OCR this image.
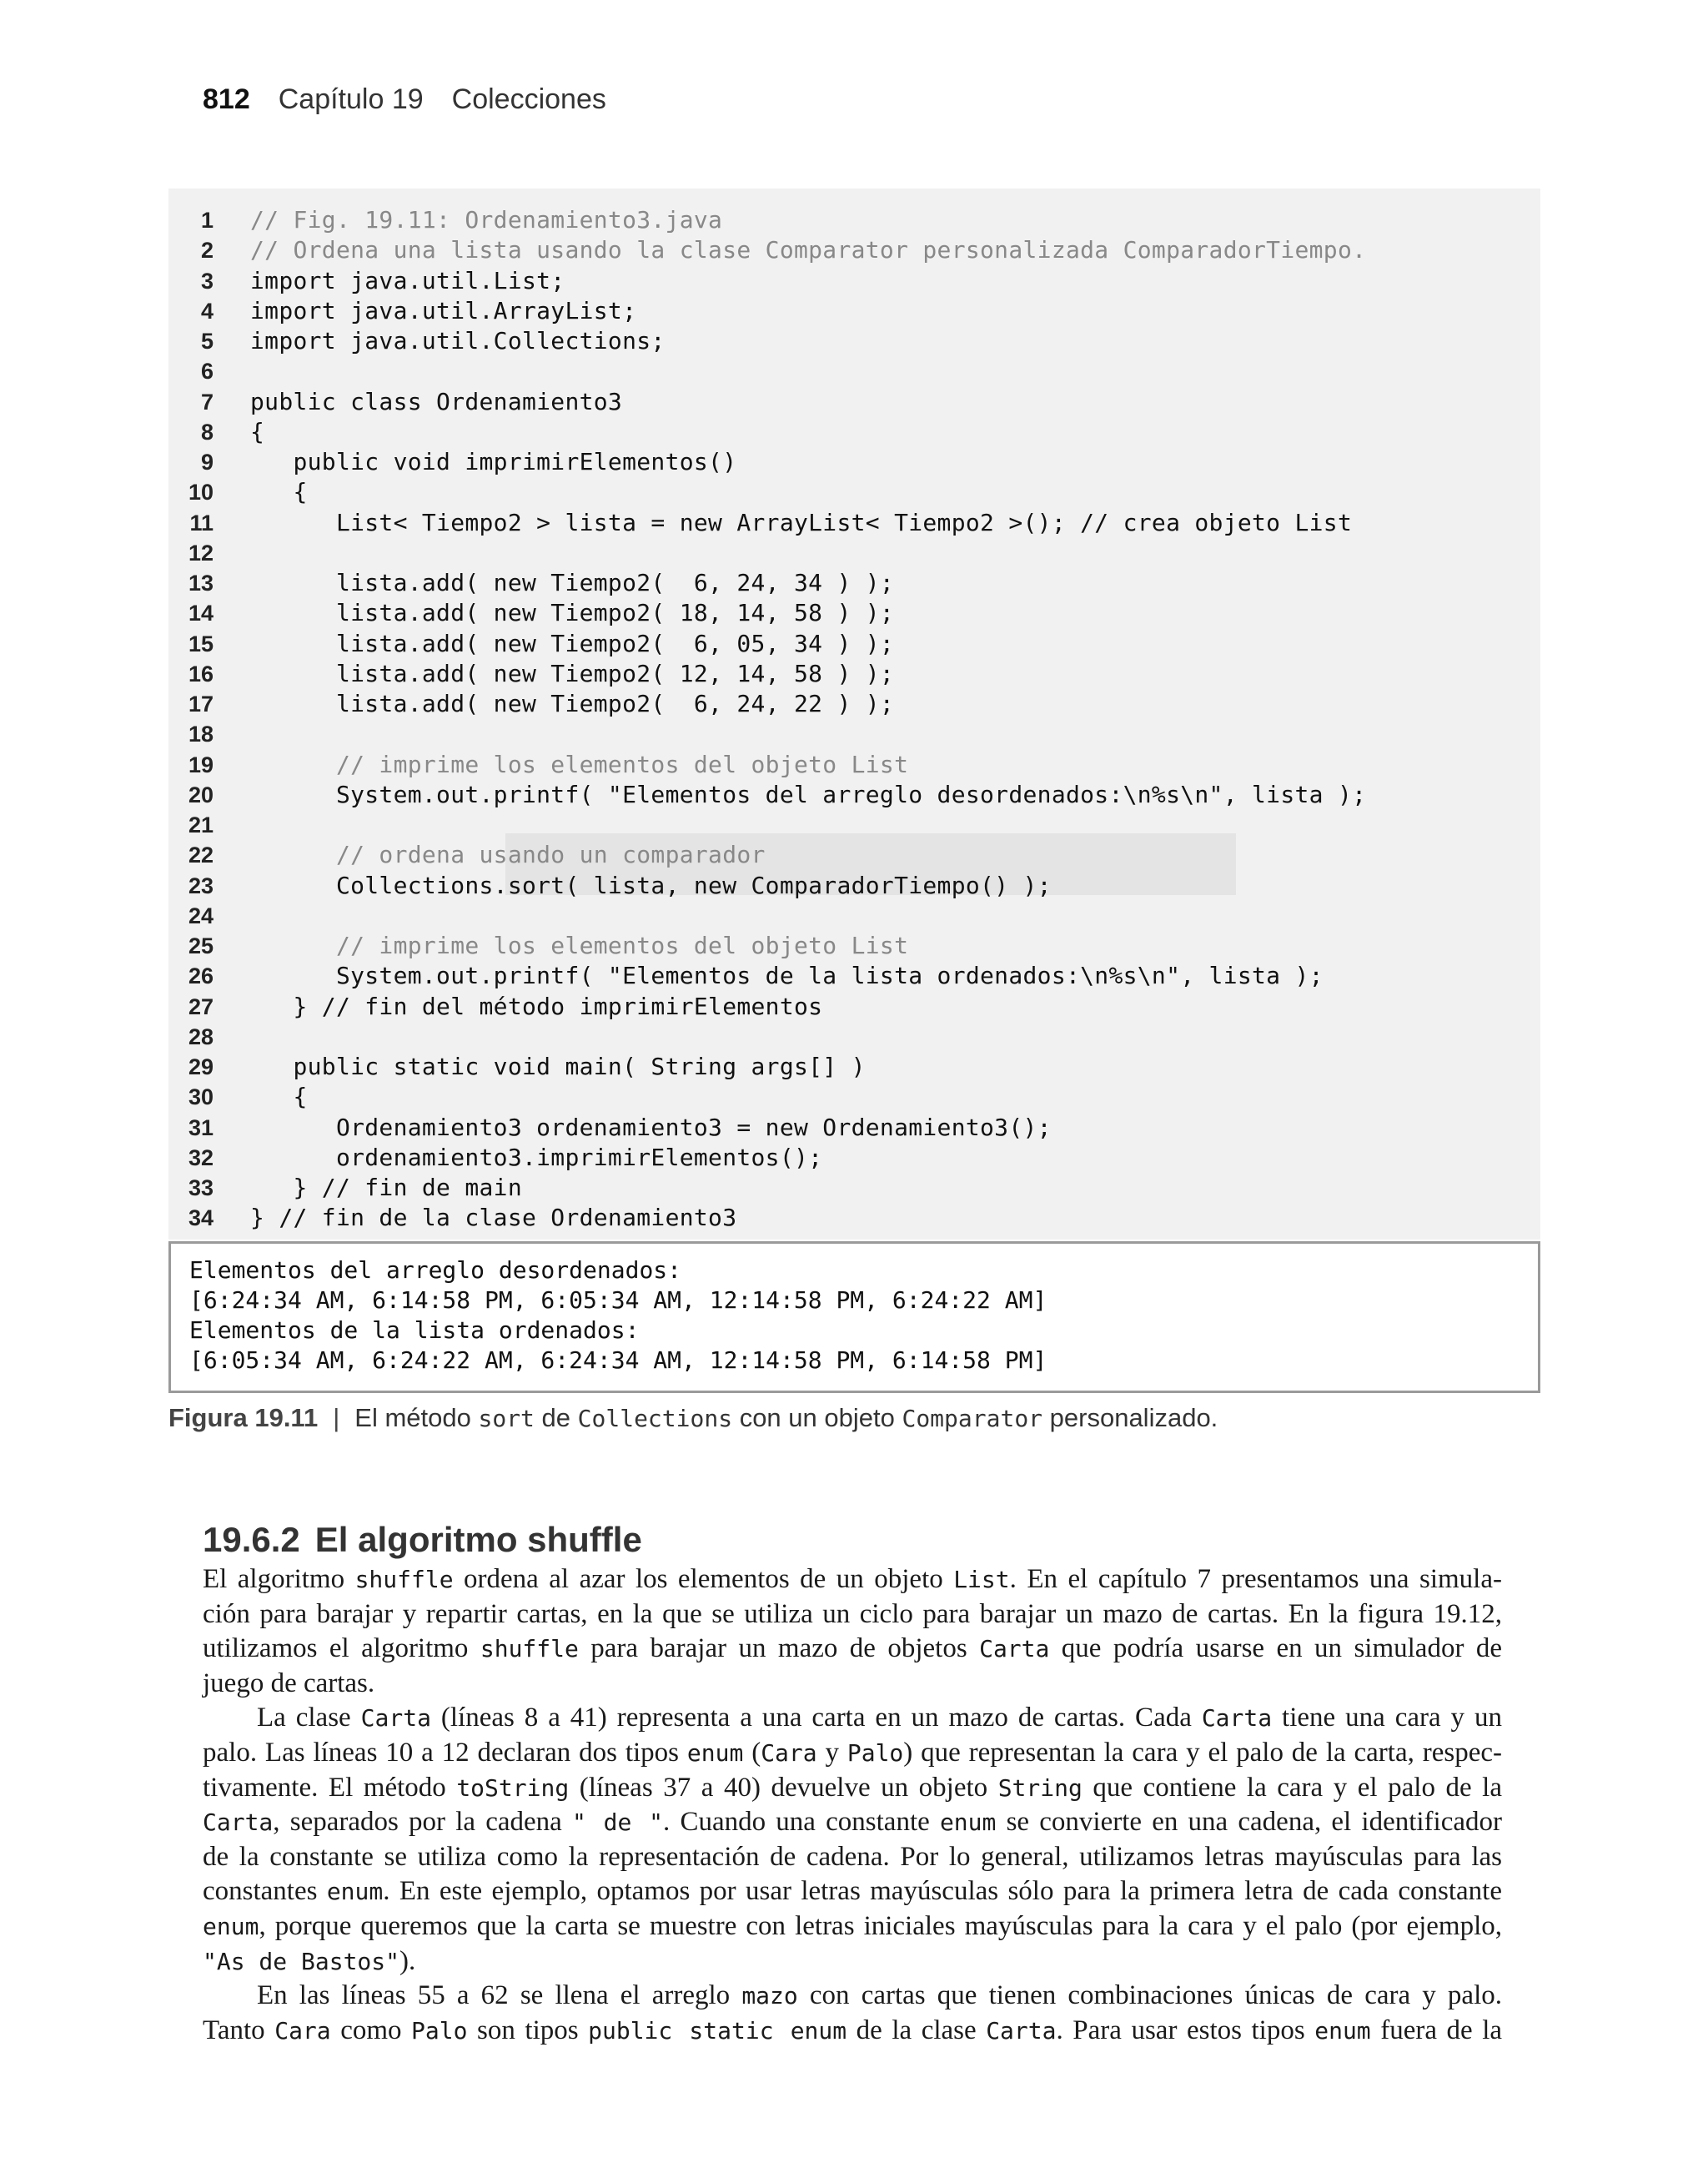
812 Capítulo 19 Colecciones
1 // Fig. 19.11: Ordenamiento3.java
2 // Ordena una lista usando la clase Comparator personalizada ComparadorTiempo.
3 import java.util.List;
4 import java.util.ArrayList;
5 import java.util.Collections;
6
7 public class Ordenamiento3
8 {
9 public void imprimirElementos()
10 {
11 List< Tiempo2 > lista = new ArrayList< Tiempo2 >(); // crea objeto List
12
13 lista.add( new Tiempo2(  6, 24, 34 ) );
14 lista.add( new Tiempo2( 18, 14, 58 ) );
15 lista.add( new Tiempo2(  6, 05, 34 ) );
16 lista.add( new Tiempo2( 12, 14, 58 ) );
17 lista.add( new Tiempo2(  6, 24, 22 ) );
18
19 // imprime los elementos del objeto List
20 System.out.printf( "Elementos del arreglo desordenados:\n%s\n", lista );
21
22 // ordena usando un comparador
23 Collections.sort( lista, new ComparadorTiempo() );
24
25 // imprime los elementos del objeto List
26 System.out.printf( "Elementos de la lista ordenados:\n%s\n", lista );
27 } // fin del método imprimirElementos
28
29 public static void main( String args[] )
30 {
31 Ordenamiento3 ordenamiento3 = new Ordenamiento3();
32 ordenamiento3.imprimirElementos();
33 } // fin de main
34 } // fin de la clase Ordenamiento3
Elementos del arreglo desordenados:
[6:24:34 AM, 6:14:58 PM, 6:05:34 AM, 12:14:58 PM, 6:24:22 AM]
Elementos de la lista ordenados:
[6:05:34 AM, 6:24:22 AM, 6:24:34 AM, 12:14:58 PM, 6:14:58 PM]
Figura 19.11 | El método sort de Collections con un objeto Comparator personalizado.
19.6.2 El algoritmo shuffle
El algoritmo shuffle ordena al azar los elementos de un objeto List. En el capítulo 7 presentamos una simula-
ción para barajar y repartir cartas, en la que se utiliza un ciclo para barajar un mazo de cartas. En la figura 19.12,
utilizamos el algoritmo shuffle para barajar un mazo de objetos Carta que podría usarse en un simulador de
juego de cartas.
La clase Carta (líneas 8 a 41) representa a una carta en un mazo de cartas. Cada Carta tiene una cara y un
palo. Las líneas 10 a 12 declaran dos tipos enum (Cara y Palo) que representan la cara y el palo de la carta, respec-
tivamente. El método toString (líneas 37 a 40) devuelve un objeto String que contiene la cara y el palo de la
Carta, separados por la cadena " de ". Cuando una constante enum se convierte en una cadena, el identificador
de la constante se utiliza como la representación de cadena. Por lo general, utilizamos letras mayúsculas para las
constantes enum. En este ejemplo, optamos por usar letras mayúsculas sólo para la primera letra de cada constante
enum, porque queremos que la carta se muestre con letras iniciales mayúsculas para la cara y el palo (por ejemplo,
"As de Bastos").
En las líneas 55 a 62 se llena el arreglo mazo con cartas que tienen combinaciones únicas de cara y palo.
Tanto Cara como Palo son tipos public static enum de la clase Carta. Para usar estos tipos enum fuera de la
